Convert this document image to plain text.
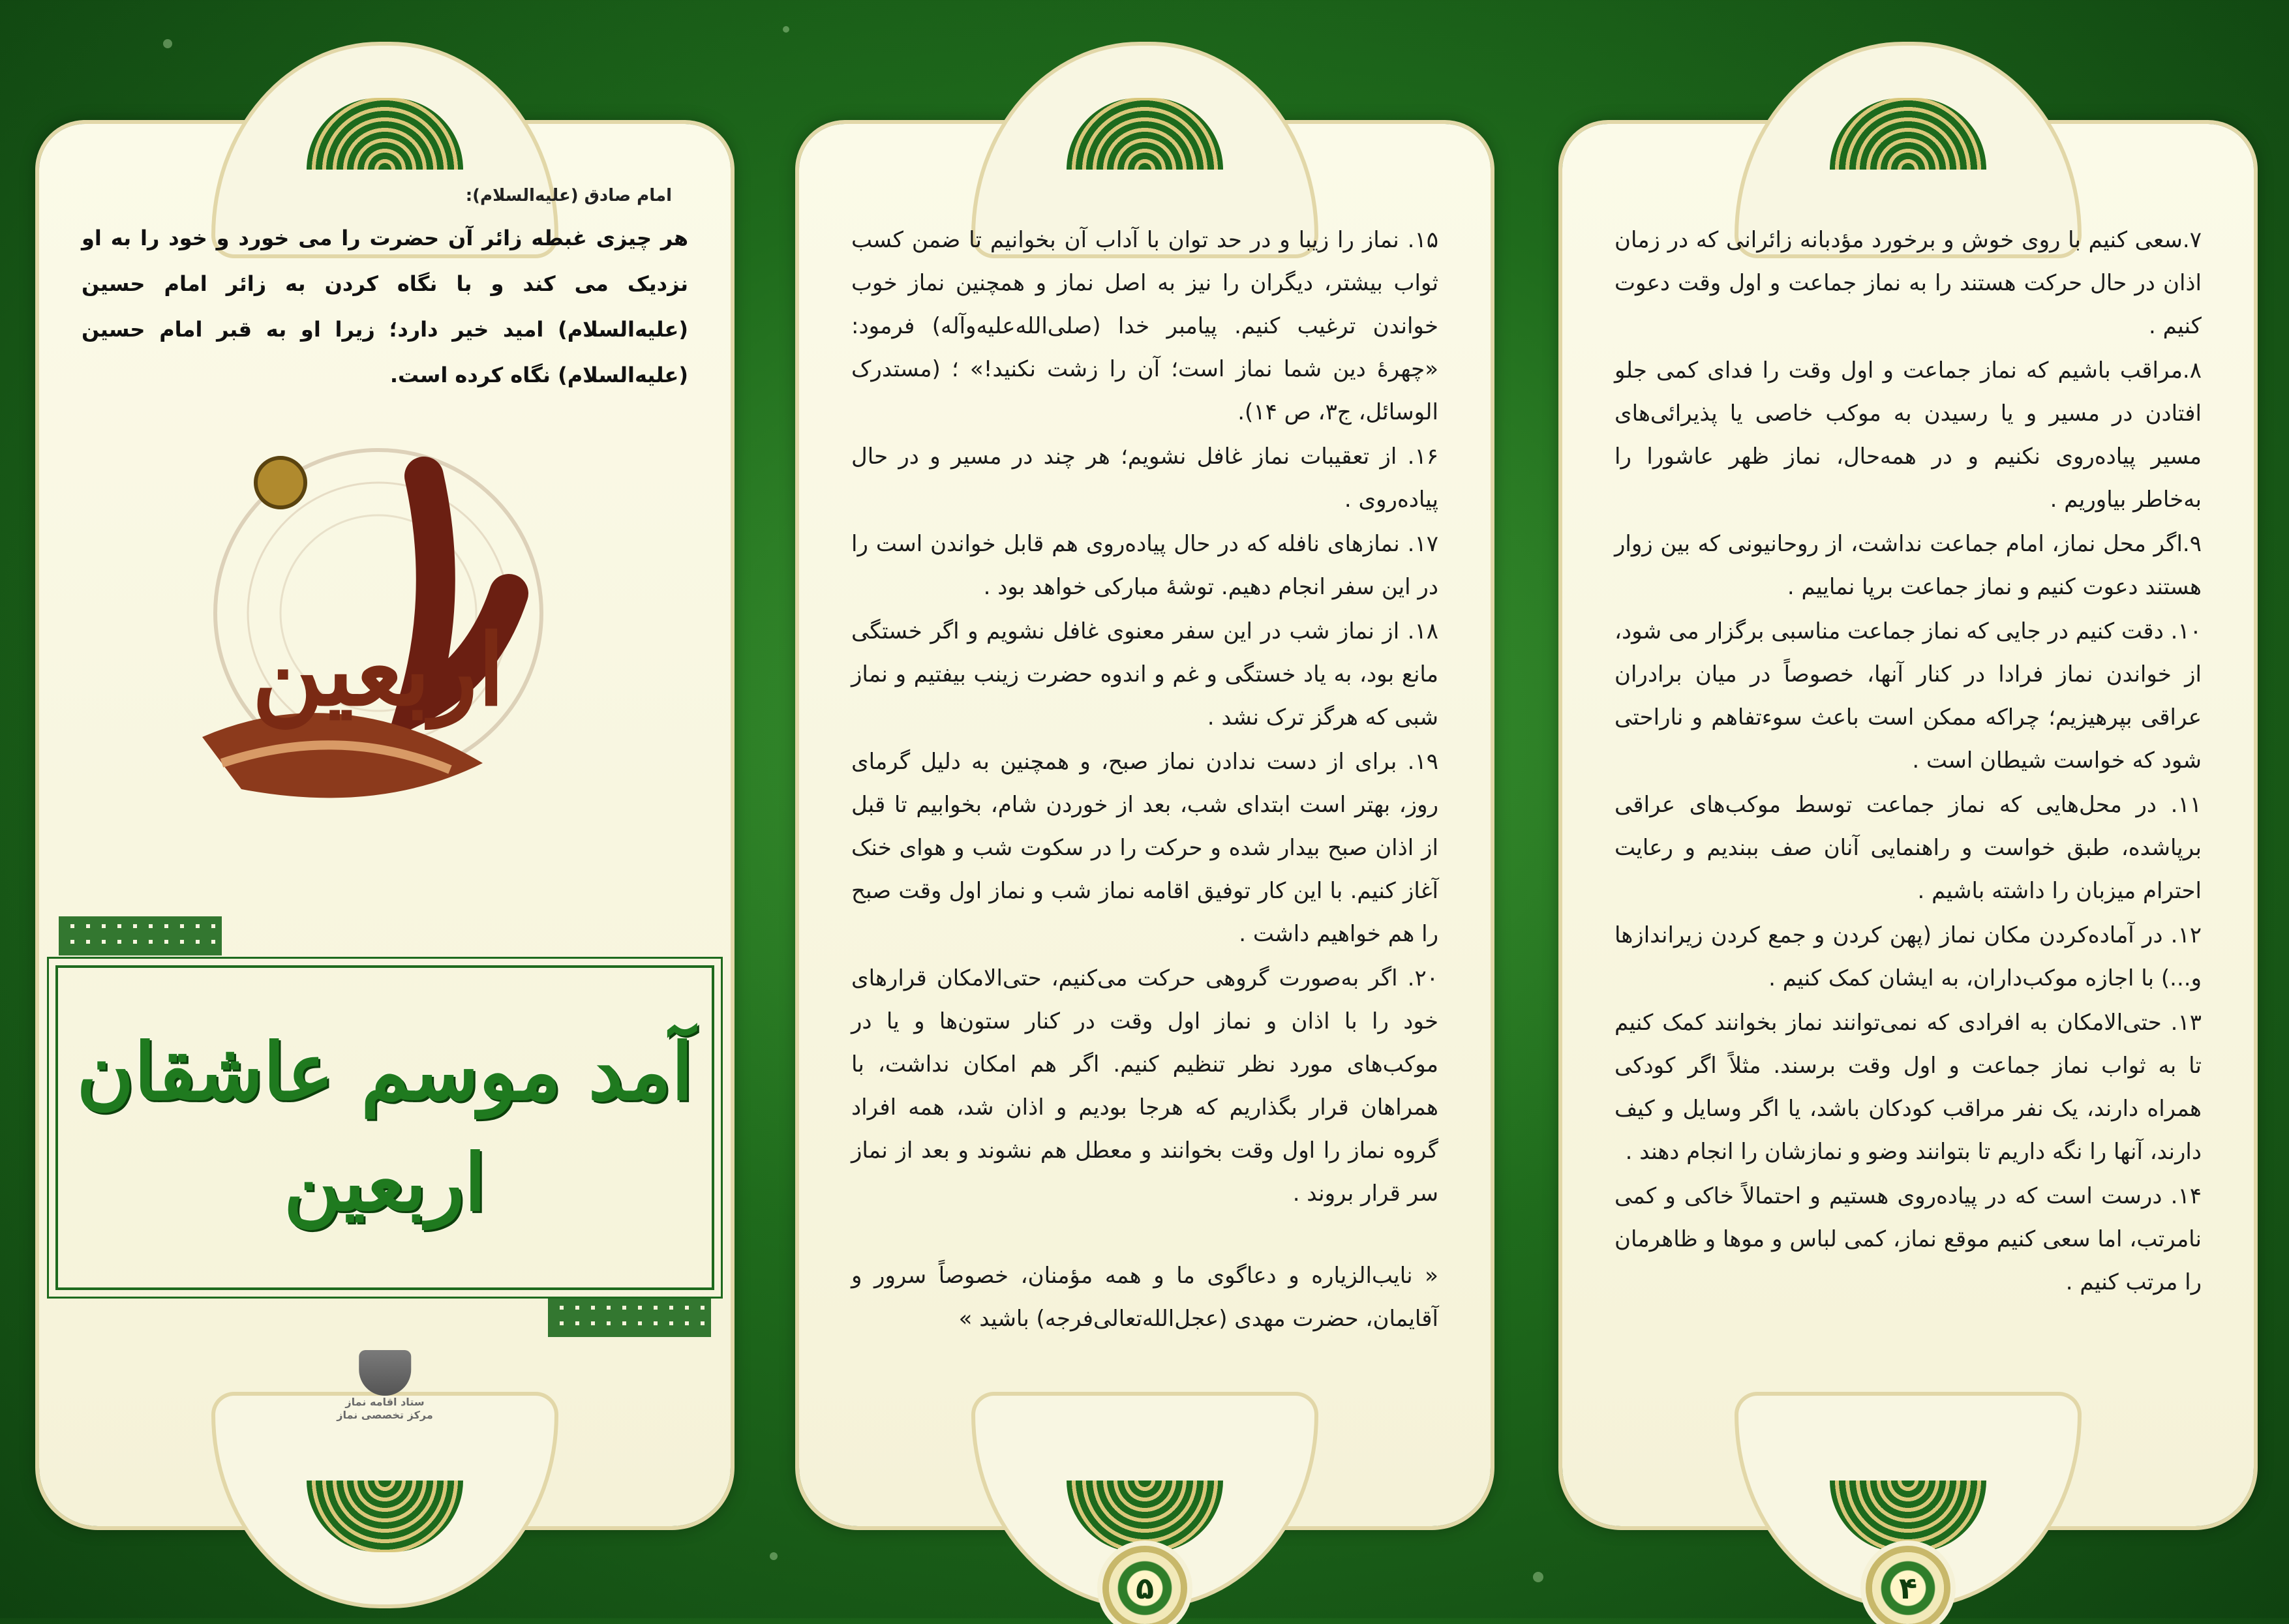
امام صادق (علیه‌السلام):
هر چیزی غبطه زائر آن حضرت را می خورد و خود را به او نزدیک می کند و با نگاه کردن به زائر امام حسین (علیه‌السلام) امید خیر دارد؛ زیرا او به قبر امام حسین (علیه‌السلام) نگاه کرده است.
اربعین
آمد موسم عاشقان
اربعین
ستاد اقامه نماز
مرکز تخصصی نماز

۱۵. نماز را زیبا و در حد توان با آداب آن بخوانیم تا ضمن کسب ثواب بیشتر، دیگران را نیز به اصل نماز و همچنین نماز خوب خواندن ترغیب کنیم. پیامبر خدا (صلی‌الله‌علیه‌وآله) فرمود: «چهرهٔ دین شما نماز است؛ آن را زشت نکنید!» ؛ (مستدرک الوسائل، ج۳، ص ۱۴).

۱۶. از تعقیبات نماز غافل نشویم؛ هر چند در مسیر و در حال پیاده‌روی .

۱۷. نمازهای نافله که در حال پیاده‌روی هم قابل خواندن است را در این سفر انجام دهیم. توشهٔ مبارکی خواهد بود .

۱۸. از نماز شب در این سفر معنوی غافل نشویم و اگر خستگی مانع بود، به یاد خستگی و غم و اندوه حضرت زینب بیفتیم و نماز شبی که هرگز ترک نشد .

۱۹. برای از دست ندادن نماز صبح، و همچنین به دلیل گرمای روز، بهتر است ابتدای شب، بعد از خوردن شام، بخوابیم تا قبل از اذان صبح بیدار شده و حرکت را در سکوت شب و هوای خنک آغاز کنیم. با این کار توفیق اقامه نماز شب و نماز اول وقت صبح را هم خواهیم داشت .

۲۰. اگر به‌صورت گروهی حرکت می‌کنیم، حتی‌الامکان قرارهای خود را با اذان و نماز اول وقت در کنار ستون‌ها و یا در موکب‌های مورد نظر تنظیم کنیم. اگر هم امکان نداشت، با همراهان قرار بگذاریم که هرجا بودیم و اذان شد، همه افراد گروه نماز را اول وقت بخوانند و معطل هم نشوند و بعد از نماز سر قرار بروند .

« نایب‌الزیاره و دعاگوی ما و همه مؤمنان، خصوصاً سرور و آقایمان، حضرت مهدی (عجل‌الله‌تعالی‌فرجه) باشید »

۵

۷.سعی کنیم با روی خوش و برخورد مؤدبانه زائرانی که در زمان اذان در حال حرکت هستند را به نماز جماعت و اول وقت دعوت کنیم .

۸.مراقب باشیم که نماز جماعت و اول وقت را فدای کمی جلو افتادن در مسیر و یا رسیدن به موکب خاصی یا پذیرائی‌های مسیر پیاده‌روی نکنیم و در همه‌حال، نماز ظهر عاشورا را به‌خاطر بیاوریم .

۹.اگر محل نماز، امام جماعت نداشت، از روحانیونی که بین زوار هستند دعوت کنیم و نماز جماعت برپا نماییم .

۱۰. دقت کنیم در جایی که نماز جماعت مناسبی برگزار می شود، از خواندن نماز فرادا در کنار آنها، خصوصاً در میان برادران عراقی بپرهیزیم؛ چراکه ممکن است باعث سوءتفاهم و ناراحتی شود که خواست شیطان است .

۱۱. در محل‌هایی که نماز جماعت توسط موکب‌های عراقی برپاشده، طبق خواست و راهنمایی آنان صف ببندیم و رعایت احترام میزبان را داشته باشیم .

۱۲. در آماده‌کردن مکان نماز (پهن کردن و جمع کردن زیراندازها و...) با اجازه موکب‌داران، به ایشان کمک کنیم .

۱۳. حتی‌الامکان به افرادی که نمی‌توانند نماز بخوانند کمک کنیم تا به ثواب نماز جماعت و اول وقت برسند. مثلاً اگر کودکی همراه دارند، یک نفر مراقب کودکان باشد، یا اگر وسایل و کیف دارند، آنها را نگه داریم تا بتوانند وضو و نمازشان را انجام دهند .

۱۴. درست است که در پیاده‌روی هستیم و احتمالاً خاکی و کمی نامرتب، اما سعی کنیم موقع نماز، کمی لباس و موها و ظاهرمان را مرتب کنیم .

۴
